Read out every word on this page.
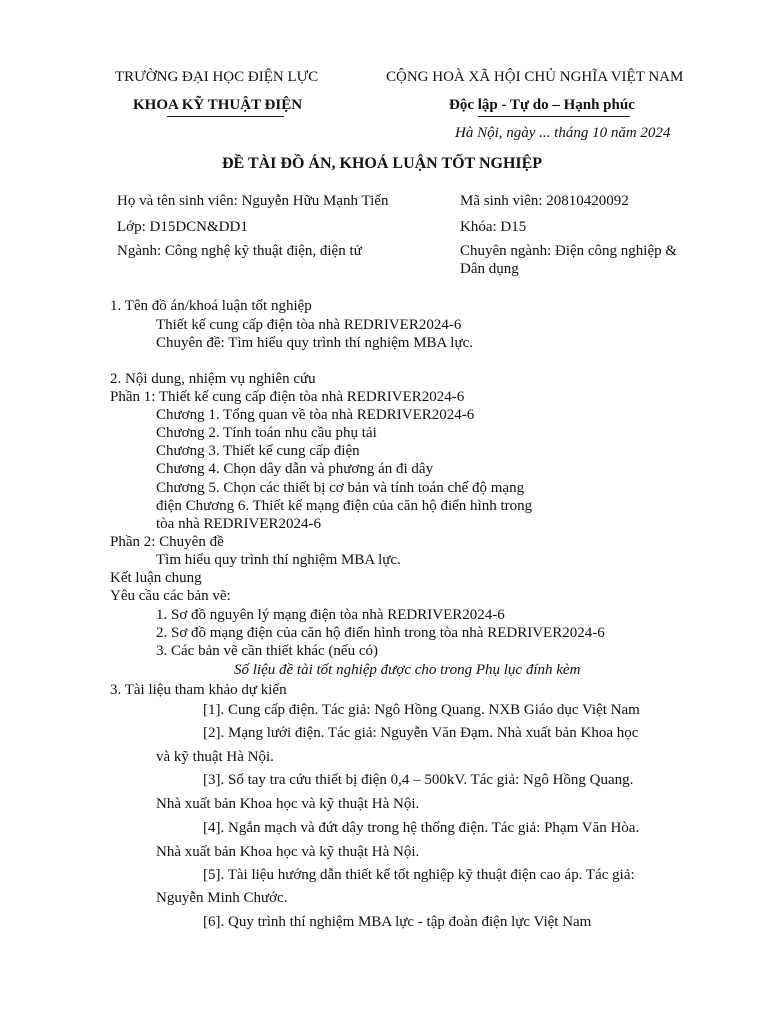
TRƯỜNG ĐẠI HỌC ĐIỆN LỰC
KHOA KỸ THUẬT ĐIỆN
CỘNG HOÀ XÃ HỘI CHỦ NGHĨA VIỆT NAM
Độc lập - Tự do – Hạnh phúc
Hà Nội, ngày ... tháng 10 năm 2024
ĐỀ TÀI ĐỒ ÁN, KHOÁ LUẬN TỐT NGHIỆP
Họ và tên sinh viên: Nguyễn Hữu Mạnh Tiến	Mã sinh viên: 20810420092
Lớp: D15DCN&DD1	Khóa: D15
Ngành: Công nghệ kỹ thuật điện, điện tử	Chuyên ngành: Điện công nghiệp &
Dân dụng
1. Tên đồ án/khoá luận tốt nghiệp
Thiết kế cung cấp điện tòa nhà REDRIVER2024-6
Chuyên đề: Tìm hiểu quy trình thí nghiệm MBA lực.
2. Nội dung, nhiệm vụ nghiên cứu
Phần 1: Thiết kế cung cấp điện tòa nhà REDRIVER2024-6
Chương 1. Tổng quan về tòa nhà REDRIVER2024-6
Chương 2. Tính toán nhu cầu phụ tải
Chương 3. Thiết kế cung cấp điện
Chương 4. Chọn dây dẫn và phương án đi dây
Chương 5. Chọn các thiết bị cơ bản và tính toán chế độ mạng
điện Chương 6. Thiết kế mạng điện của căn hộ điển hình trong
tòa nhà REDRIVER2024-6
Phần 2: Chuyên đề
Tìm hiểu quy trình thí nghiệm MBA lực.
Kết luận chung
Yêu cầu các bản vẽ:
1. Sơ đồ nguyên lý mạng điện tòa nhà REDRIVER2024-6
2. Sơ đồ mạng điện của căn hộ điển hình trong tòa nhà REDRIVER2024-6
3. Các bản vẽ cần thiết khác (nếu có)
Số liệu đề tài tốt nghiệp được cho trong Phụ lục đính kèm
3. Tài liệu tham khảo dự kiến
[1]. Cung cấp điện. Tác giả: Ngô Hồng Quang. NXB Giáo dục Việt Nam
[2]. Mạng lưới điện. Tác giả: Nguyễn Văn Đạm. Nhà xuất bản Khoa học
và kỹ thuật Hà Nội.
[3]. Sổ tay tra cứu thiết bị điện 0,4 – 500kV. Tác giả: Ngô Hồng Quang.
Nhà xuất bản Khoa học và kỹ thuật Hà Nội.
[4]. Ngắn mạch và đứt dây trong hệ thống điện. Tác giả: Phạm Văn Hòa.
Nhà xuất bản Khoa học và kỹ thuật Hà Nội.
[5]. Tài liệu hướng dẫn thiết kế tốt nghiệp kỹ thuật điện cao áp. Tác giả:
Nguyễn Minh Chước.
[6]. Quy trình thí nghiệm MBA lực - tập đoàn điện lực Việt Nam
